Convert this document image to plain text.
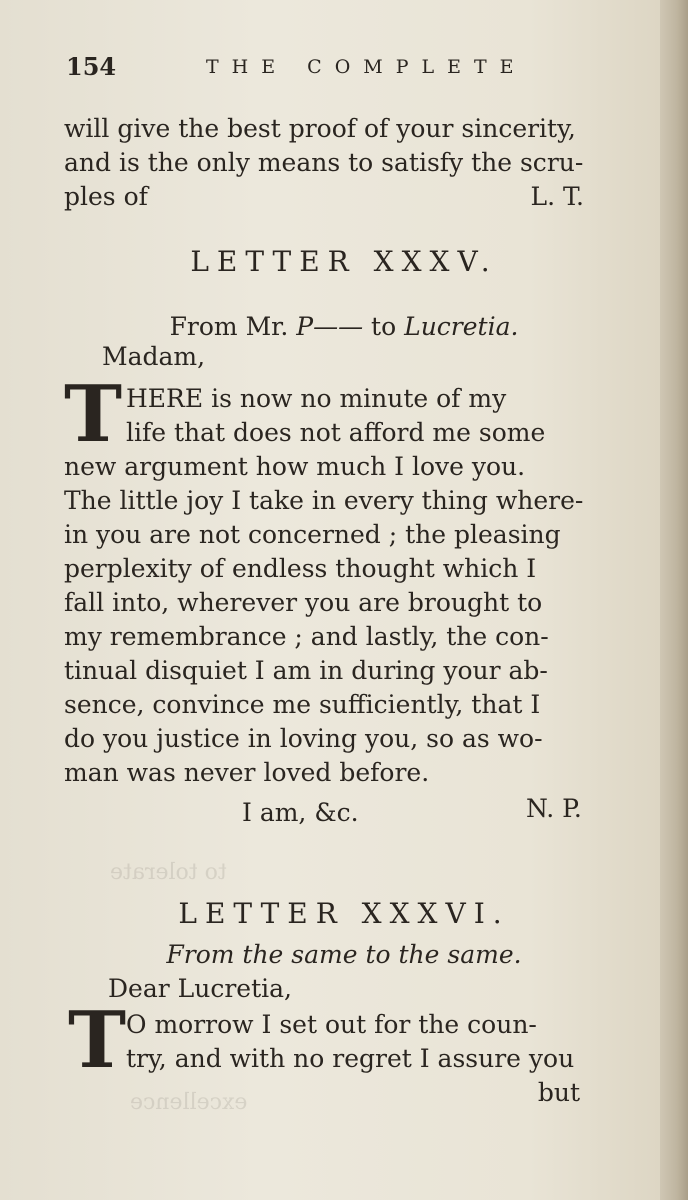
154	THE COMPLETE
will give the best proof of your sincerity,
and is the only means to satisfy the scru-
ples of	L. T.
LETTER XXXV.
From Mr. P—— to Lucretia.
Madam,
T HERE is now no minute of my
life that does not afford me some
new argument how much I love you.
The little joy I take in every thing where-
in you are not concerned ; the pleasing
perplexity of endless thought which I
fall into, wherever you are brought to
my remembrance ; and lastly, the con-
tinual disquiet I am in during your ab-
sence, convince me sufficiently, that I
do you justice in loving you, so as wo-
man was never loved before.
I am, &c.	N. P.
to tolerate
excellence
LETTER XXXVI.
From the same to the same.
Dear Lucretia,
T O morrow I set out for the coun-
try, and with no regret I assure you
but
